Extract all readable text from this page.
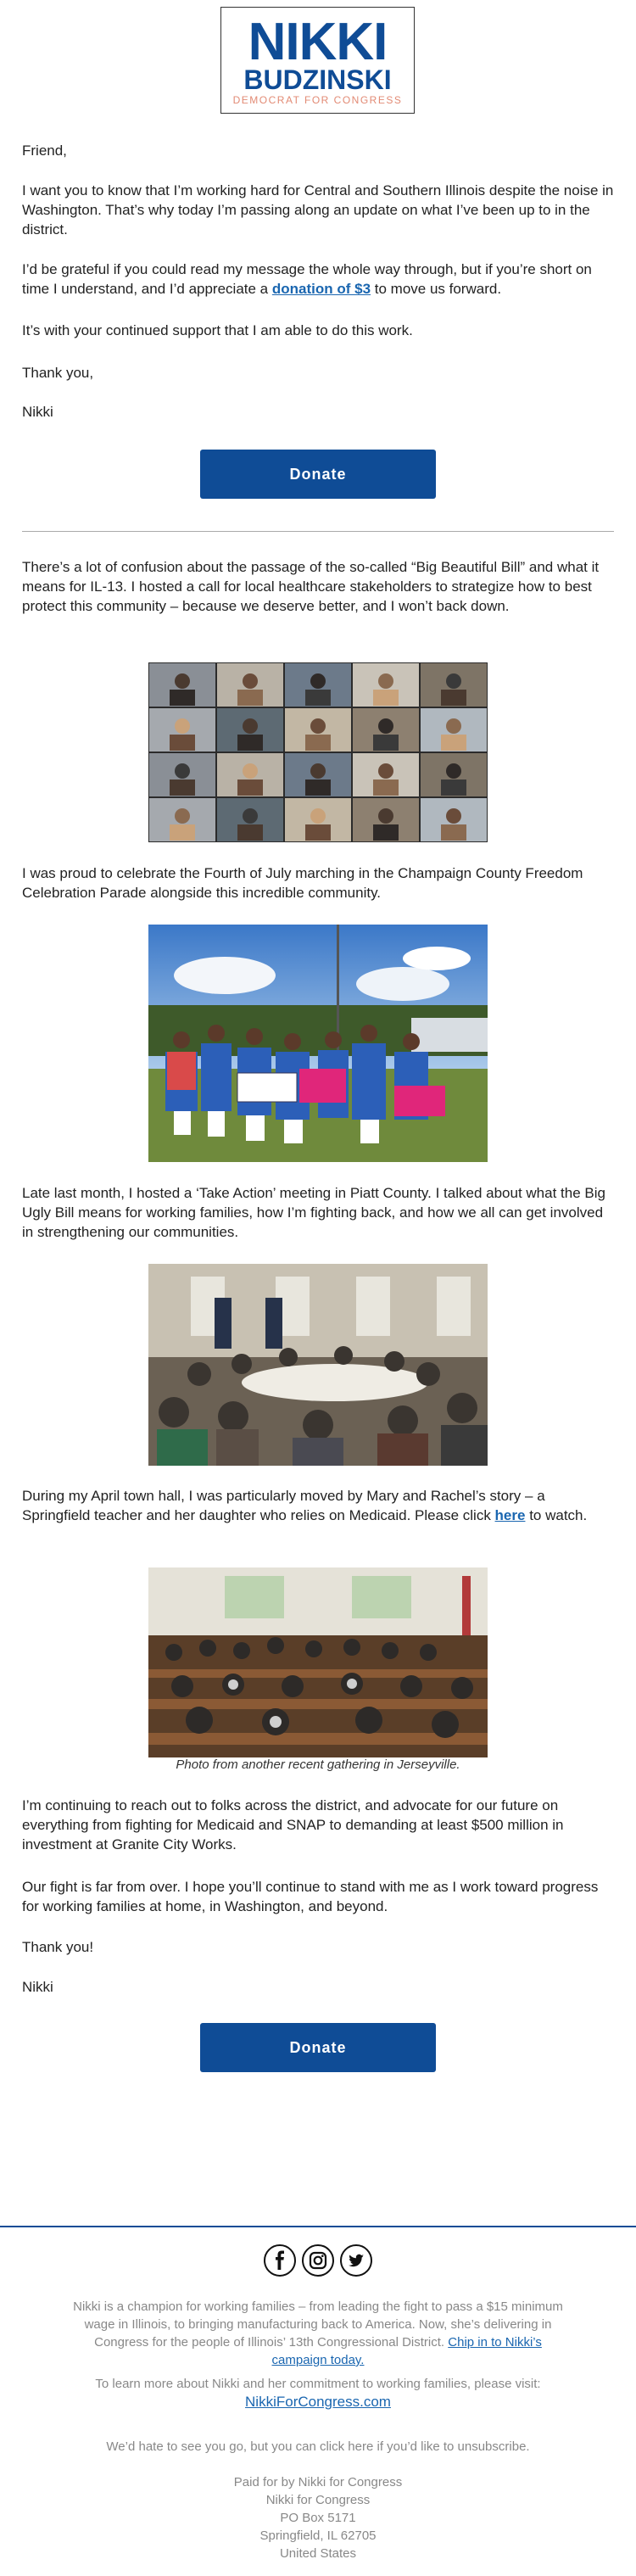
NIKKI
BUDZINSKI
DEMOCRAT FOR CONGRESS

Friend,

I want you to know that I’m working hard for Central and Southern Illinois despite the noise in Washington. That’s why today I’m passing along an update on what I’ve been up to in the district.

I’d be grateful if you could read my message the whole way through, but if you’re short on time I understand, and I’d appreciate a donation of $3 to move us forward.

It’s with your continued support that I am able to do this work.

Thank you,

Nikki

Donate

There’s a lot of confusion about the passage of the so-called “Big Beautiful Bill” and what it means for IL-13. I hosted a call for local healthcare stakeholders to strategize how to best protect this community – because we deserve better, and I won’t back down.

I was proud to celebrate the Fourth of July marching in the Champaign County Freedom Celebration Parade alongside this incredible community.

Late last month, I hosted a ‘Take Action’ meeting in Piatt County. I talked about what the Big Ugly Bill means for working families, how I’m fighting back, and how we all can get involved in strengthening our communities.

During my April town hall, I was particularly moved by Mary and Rachel’s story – a Springfield teacher and her daughter who relies on Medicaid. Please click here to watch.

Photo from another recent gathering in Jerseyville.

I’m continuing to reach out to folks across the district, and advocate for our future on everything from fighting for Medicaid and SNAP to demanding at least $500 million in investment at Granite City Works.

Our fight is far from over. I hope you’ll continue to stand with me as I work toward progress for working families at home, in Washington, and beyond.

Thank you!

Nikki

Donate
Nikki is a champion for working families – from leading the fight to pass a $15 minimum wage in Illinois, to bringing manufacturing back to America. Now, she’s delivering in Congress for the people of Illinois’ 13th Congressional District. Chip in to Nikki’s campaign today.
To learn more about Nikki and her commitment to working families, please visit:
NikkiForCongress.com
We’d hate to see you go, but you can click here if you’d like to unsubscribe.
Paid for by Nikki for Congress
Nikki for Congress
PO Box 5171
Springfield, IL 62705
United States
